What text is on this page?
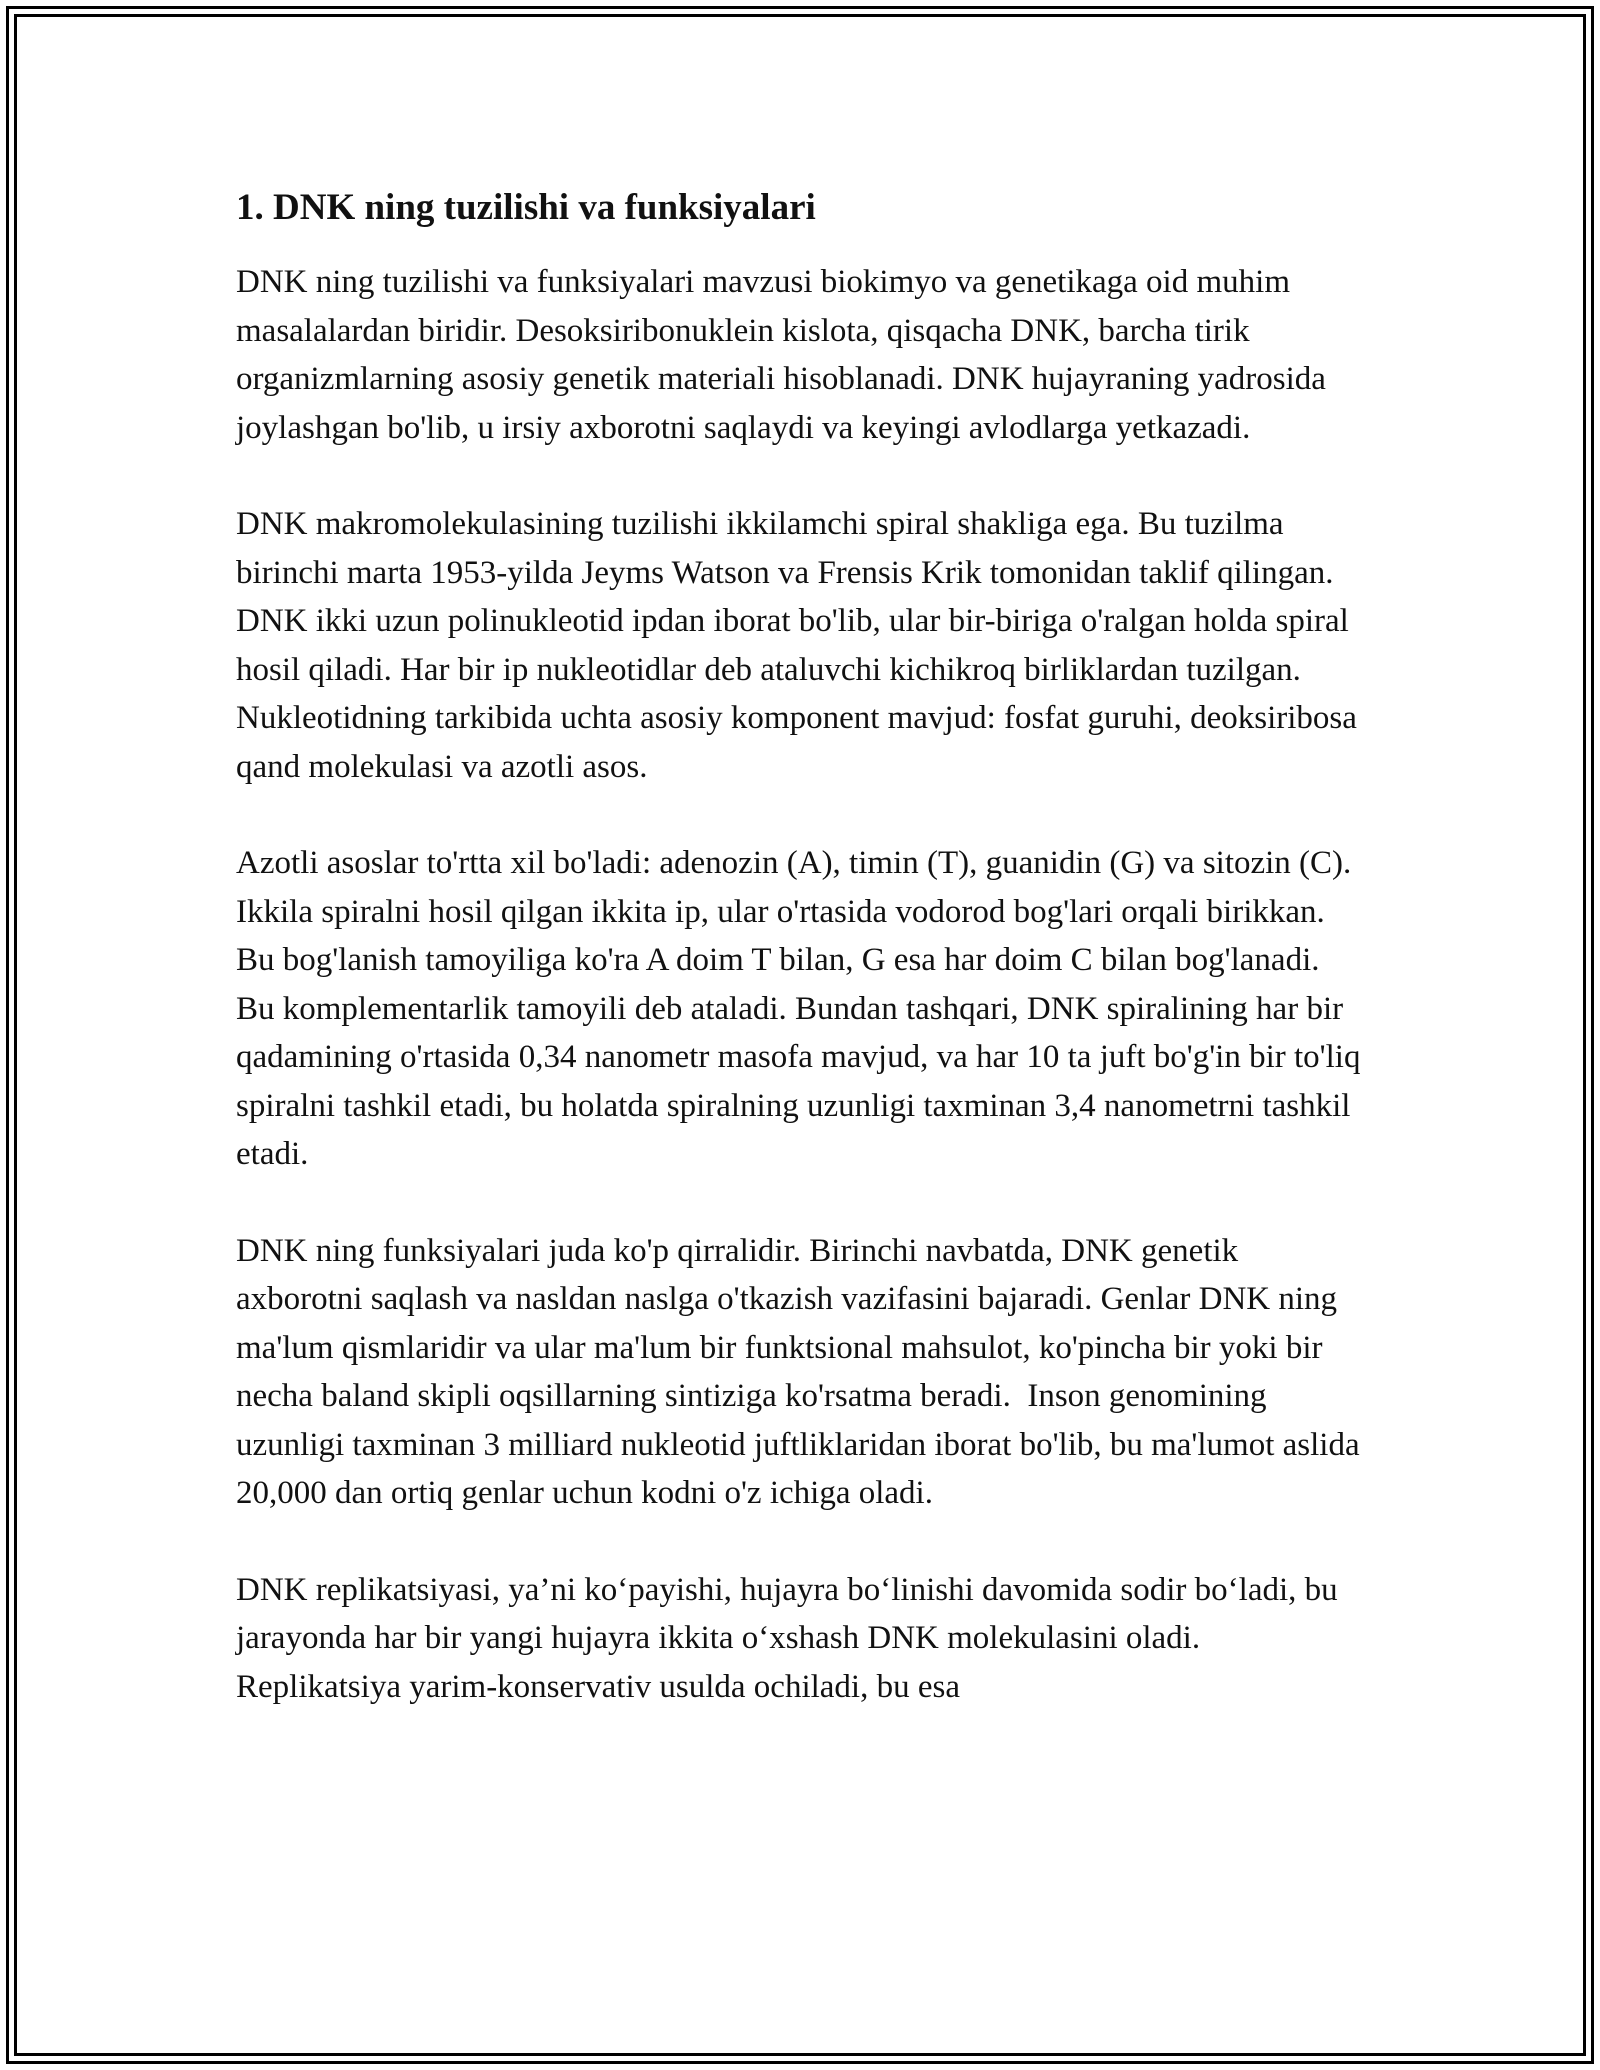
1. DNK ning tuzilishi va funksiyalari

DNK ning tuzilishi va funksiyalari mavzusi biokimyo va genetikaga oid muhim masalalardan biridir. Desoksiribonuklein kislota, qisqacha DNK, barcha tirik organizmlarning asosiy genetik materiali hisoblanadi. DNK hujayraning yadrosida joylashgan bo'lib, u irsiy axborotni saqlaydi va keyingi avlodlarga yetkazadi.

DNK makromolekulasining tuzilishi ikkilamchi spiral shakliga ega. Bu tuzilma birinchi marta 1953-yilda Jeyms Watson va Frensis Krik tomonidan taklif qilingan. DNK ikki uzun polinukleotid ipdan iborat bo'lib, ular bir-biriga o'ralgan holda spiral hosil qiladi. Har bir ip nukleotidlar deb ataluvchi kichikroq birliklardan tuzilgan. Nukleotidning tarkibida uchta asosiy komponent mavjud: fosfat guruhi, deoksiribosa qand molekulasi va azotli asos.

Azotli asoslar to'rtta xil bo'ladi: adenozin (A), timin (T), guanidin (G) va sitozin (C). Ikkila spiralni hosil qilgan ikkita ip, ular o'rtasida vodorod bog'lari orqali birikkan. Bu bog'lanish tamoyiliga ko'ra A doim T bilan, G esa har doim C bilan bog'lanadi. Bu komplementarlik tamoyili deb ataladi. Bundan tashqari, DNK spiralining har bir qadamining o'rtasida 0,34 nanometr masofa mavjud, va har 10 ta juft bo'g'in bir to'liq spiralni tashkil etadi, bu holatda spiralning uzunligi taxminan 3,4 nanometrni tashkil etadi.

DNK ning funksiyalari juda ko'p qirralidir. Birinchi navbatda, DNK genetik axborotni saqlash va nasldan naslga o'tkazish vazifasini bajaradi. Genlar DNK ning ma'lum qismlaridir va ular ma'lum bir funktsional mahsulot, ko'pincha bir yoki bir necha baland skipli oqsillarning sintiziga ko'rsatma beradi.  Inson genomining uzunligi taxminan 3 milliard nukleotid juftliklaridan iborat bo'lib, bu ma'lumot aslida 20,000 dan ortiq genlar uchun kodni o'z ichiga oladi.

DNK replikatsiyasi, ya’ni ko‘payishi, hujayra bo‘linishi davomida sodir bo‘ladi, bu jarayonda har bir yangi hujayra ikkita o‘xshash DNK molekulasini oladi. Replikatsiya yarim-konservativ usulda ochiladi, bu esa
